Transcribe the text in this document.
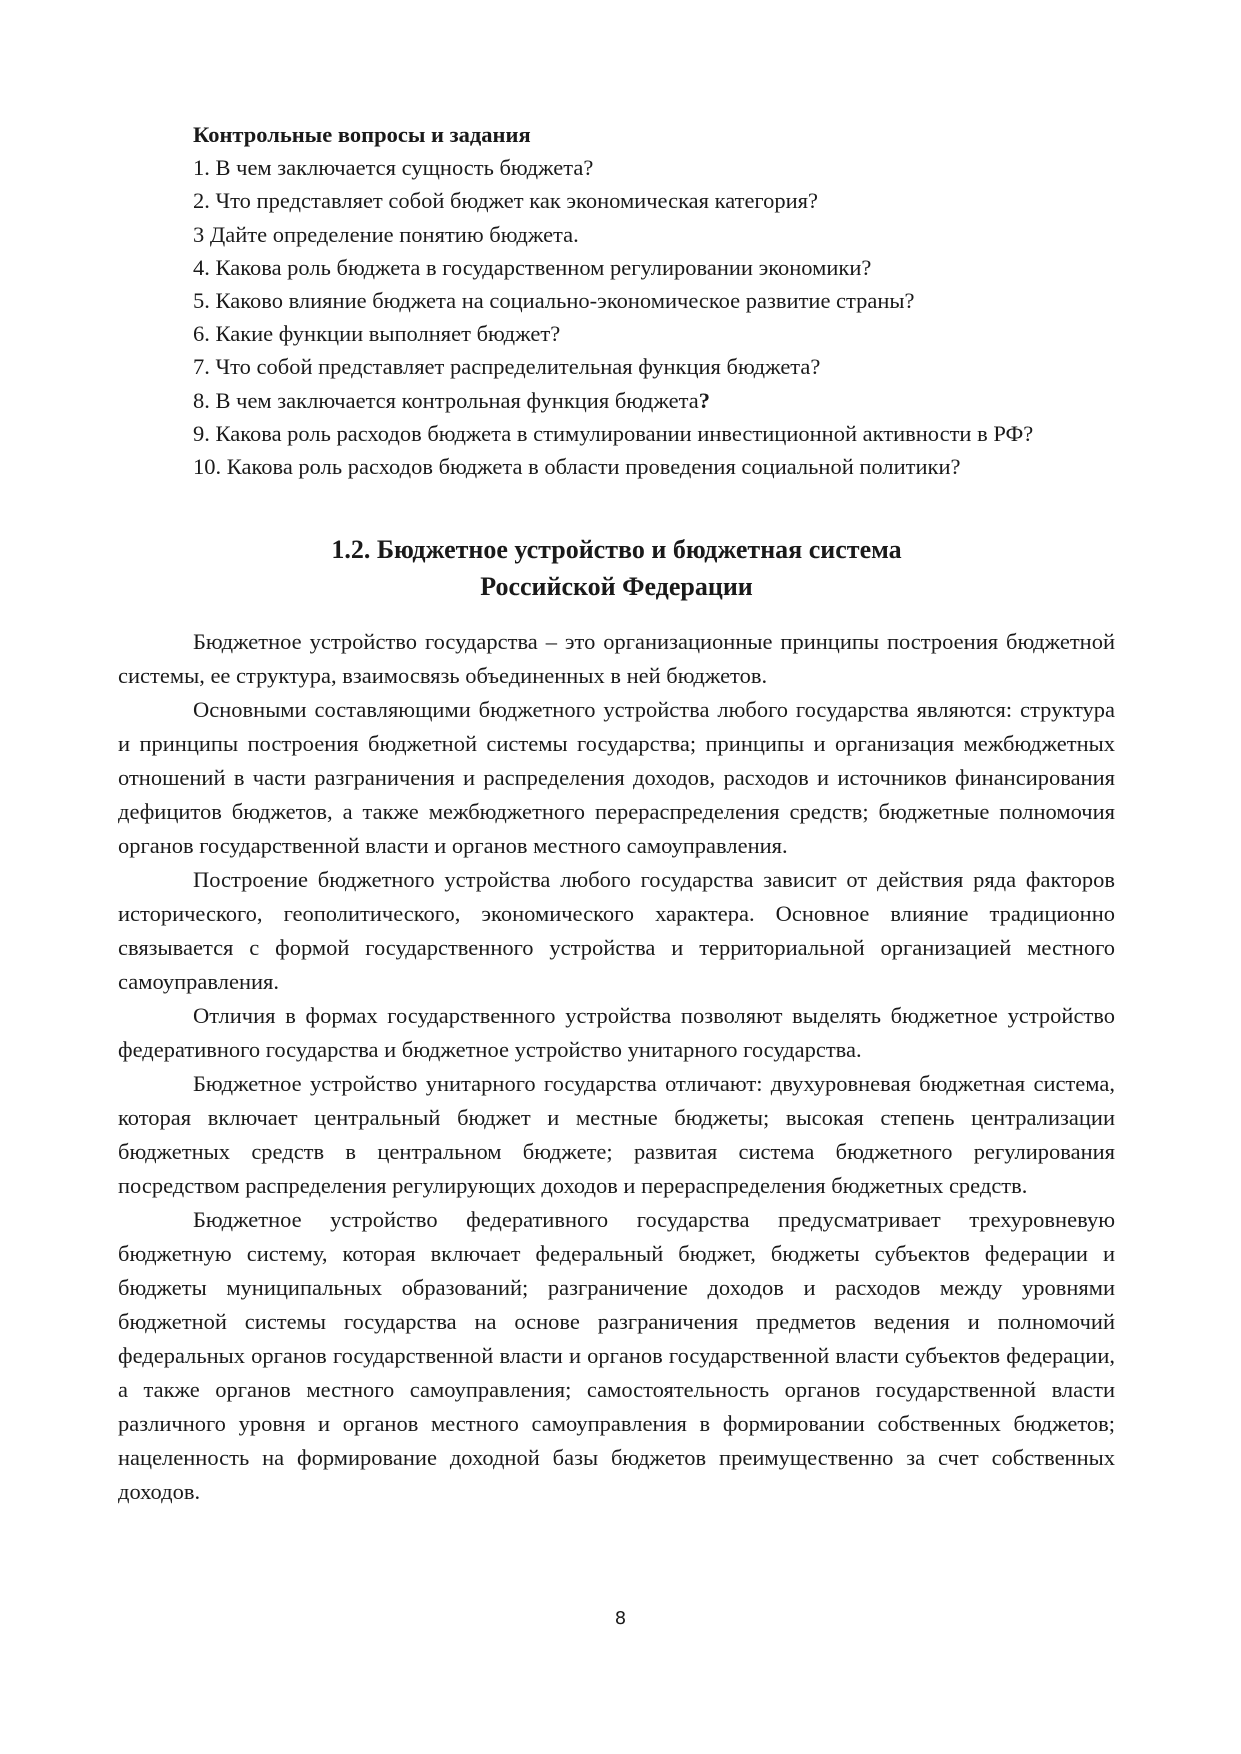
Контрольные вопросы и задания
1. В чем заключается сущность бюджета?
2. Что представляет собой бюджет как экономическая категория?
3 Дайте определение понятию бюджета.
4. Какова роль бюджета в государственном регулировании экономики?
5. Каково влияние бюджета на социально-экономическое развитие страны?
6. Какие функции выполняет бюджет?
7. Что собой представляет распределительная функция бюджета?
8. В чем заключается контрольная функция бюджета?
9. Какова роль расходов бюджета в стимулировании инвестиционной активности в РФ?
10. Какова роль расходов бюджета в области проведения социальной политики?
1.2. Бюджетное устройство и бюджетная система
Российской Федерации

Бюджетное устройство государства – это организационные принципы построения бюджетной системы, ее структура, взаимосвязь объединенных в ней бюджетов.

Основными составляющими бюджетного устройства любого государства являются: структура и принципы построения бюджетной системы государства; принципы и организация межбюджетных отношений в части разграничения и распределения доходов, расходов и источников финансирования дефицитов бюджетов, а также межбюджетного перераспределения средств; бюджетные полномочия органов государственной власти и органов местного самоуправления.

Построение бюджетного устройства любого государства зависит от действия ряда факторов исторического, геополитического, экономического характера. Основное влияние традиционно связывается с формой государственного устройства и территориальной организацией местного самоуправления.

Отличия в формах государственного устройства позволяют выделять бюджетное устройство федеративного государства и бюджетное устройство унитарного государства.

Бюджетное устройство унитарного государства отличают: двухуровневая бюджетная система, которая включает центральный бюджет и местные бюджеты; высокая степень централизации бюджетных средств в центральном бюджете; развитая система бюджетного регулирования посредством распределения регулирующих доходов и перераспределения бюджетных средств.

Бюджетное устройство федеративного государства предусматривает трехуровневую бюджетную систему, которая включает федеральный бюджет, бюджеты субъектов федерации и бюджеты муниципальных образований; разграничение доходов и расходов между уровнями бюджетной системы государства на основе разграничения предметов ведения и полномочий федеральных органов государственной власти и органов государственной власти субъектов федерации, а также органов местного самоуправления; самостоятельность органов государственной власти различного уровня и органов местного самоуправления в формировании собственных бюджетов; нацеленность на формирование доходной базы бюджетов преимущественно за счет собственных доходов.

8
